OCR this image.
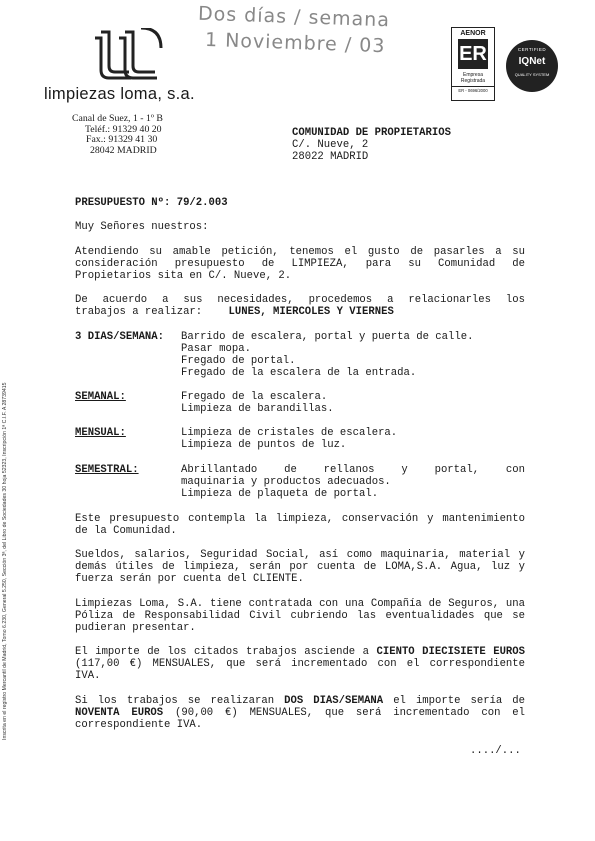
Dos días / semana
1 Noviembre / 03
limpiezas loma, s.a.
Canal de Suez, 1 - 1º B
Teléf.: 91329 40 20
Fax.: 91329 41 30
28042 MADRID
AENOR
ER
Empresa
Registrada
ER - 0696/2000
CERTIFIED
IQNet
QUALITY SYSTEM
COMUNIDAD DE PROPIETARIOS
C/. Nueve, 2
28022 MADRID
PRESUPUESTO Nº: 79/2.003
Muy Señores nuestros:
Atendiendo su amable petición, tenemos el gusto de pasarles a su consideración presupuesto de LIMPIEZA, para su Comunidad de Propietarios sita en C/. Nueve, 2.
De acuerdo a sus necesidades, procedemos a relacionarles los
trabajos a realizar: LUNES, MIERCOLES Y VIERNES
3 DIAS/SEMANA: Barrido de escalera, portal y puerta de calle.
Pasar mopa.
Fregado de portal.
Fregado de la escalera de la entrada.
SEMANAL:	Fregado de la escalera.
Limpieza de barandillas.
MENSUAL:	Limpieza de cristales de escalera.
Limpieza de puntos de luz.
SEMESTRAL:	Abrillantado de rellanos y portal, con
maquinaria y productos adecuados.
Limpieza de plaqueta de portal.
Este presupuesto contempla la limpieza, conservación y mantenimiento de la Comunidad.
Sueldos, salarios, Seguridad Social, así como maquinaria, material y demás útiles de limpieza, serán por cuenta de LOMA,S.A. Agua, luz y fuerza serán por cuenta del CLIENTE.
Limpiezas Loma, S.A. tiene contratada con una Compañía de Seguros, una Póliza de Responsabilidad Civil cubriendo las eventualidades que se pudieran presentar.
El importe de los citados trabajos asciende a CIENTO DIECISIETE EUROS (117,00 €) MENSUALES, que será incrementado con el correspondiente IVA.
Si los trabajos se realizaran DOS DIAS/SEMANA el importe sería de NOVENTA EUROS (90,00 €) MENSUALES, que será incrementado con el correspondiente IVA.
..../...
Inscrita en el registro Mercantil de Madrid, Tomo 6.230, General 5.250, Sección 3ª, del Libro de Sociedades 30 hoja 52323, Inscripción 1ª C.I.F. A 28739415
